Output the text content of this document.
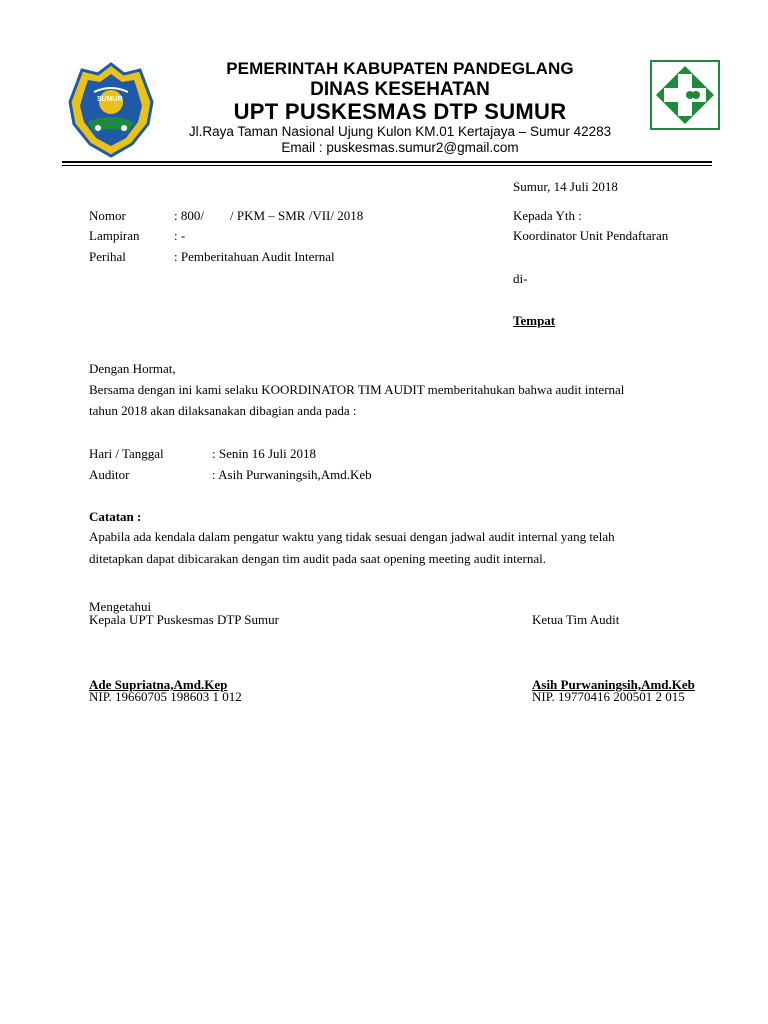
SUMUR
PEMERINTAH KABUPATEN PANDEGLANG
DINAS KESEHATAN
UPT PUSKESMAS DTP SUMUR
Jl.Raya Taman Nasional Ujung Kulon KM.01 Kertajaya – Sumur 42283
Email : puskesmas.sumur2@gmail.com
Sumur, 14 Juli 2018
Nomor	: 800/        / PKM – SMR /VII/ 2018
Lampiran	: -
Perihal	: Pemberitahuan Audit Internal
Kepada Yth :
Koordinator Unit Pendaftaran
di-
Tempat
Dengan Hormat,
Bersama dengan ini kami selaku KOORDINATOR TIM AUDIT memberitahukan bahwa audit internal
tahun 2018 akan dilaksanakan dibagian anda pada :
Hari / Tanggal	: Senin 16 Juli 2018
Auditor	: Asih Purwaningsih,Amd.Keb
Catatan :
Apabila ada kendala dalam pengatur waktu yang tidak sesuai dengan jadwal audit internal yang telah
ditetapkan dapat dibicarakan dengan tim audit pada saat opening meeting audit internal.
Mengetahui
Kepala UPT Puskesmas DTP Sumur	Ketua Tim Audit
Ade Supriatna,Amd.Kep
NIP. 19660705 198603 1 012
Asih Purwaningsih,Amd.Keb
NIP. 19770416 200501 2 015
